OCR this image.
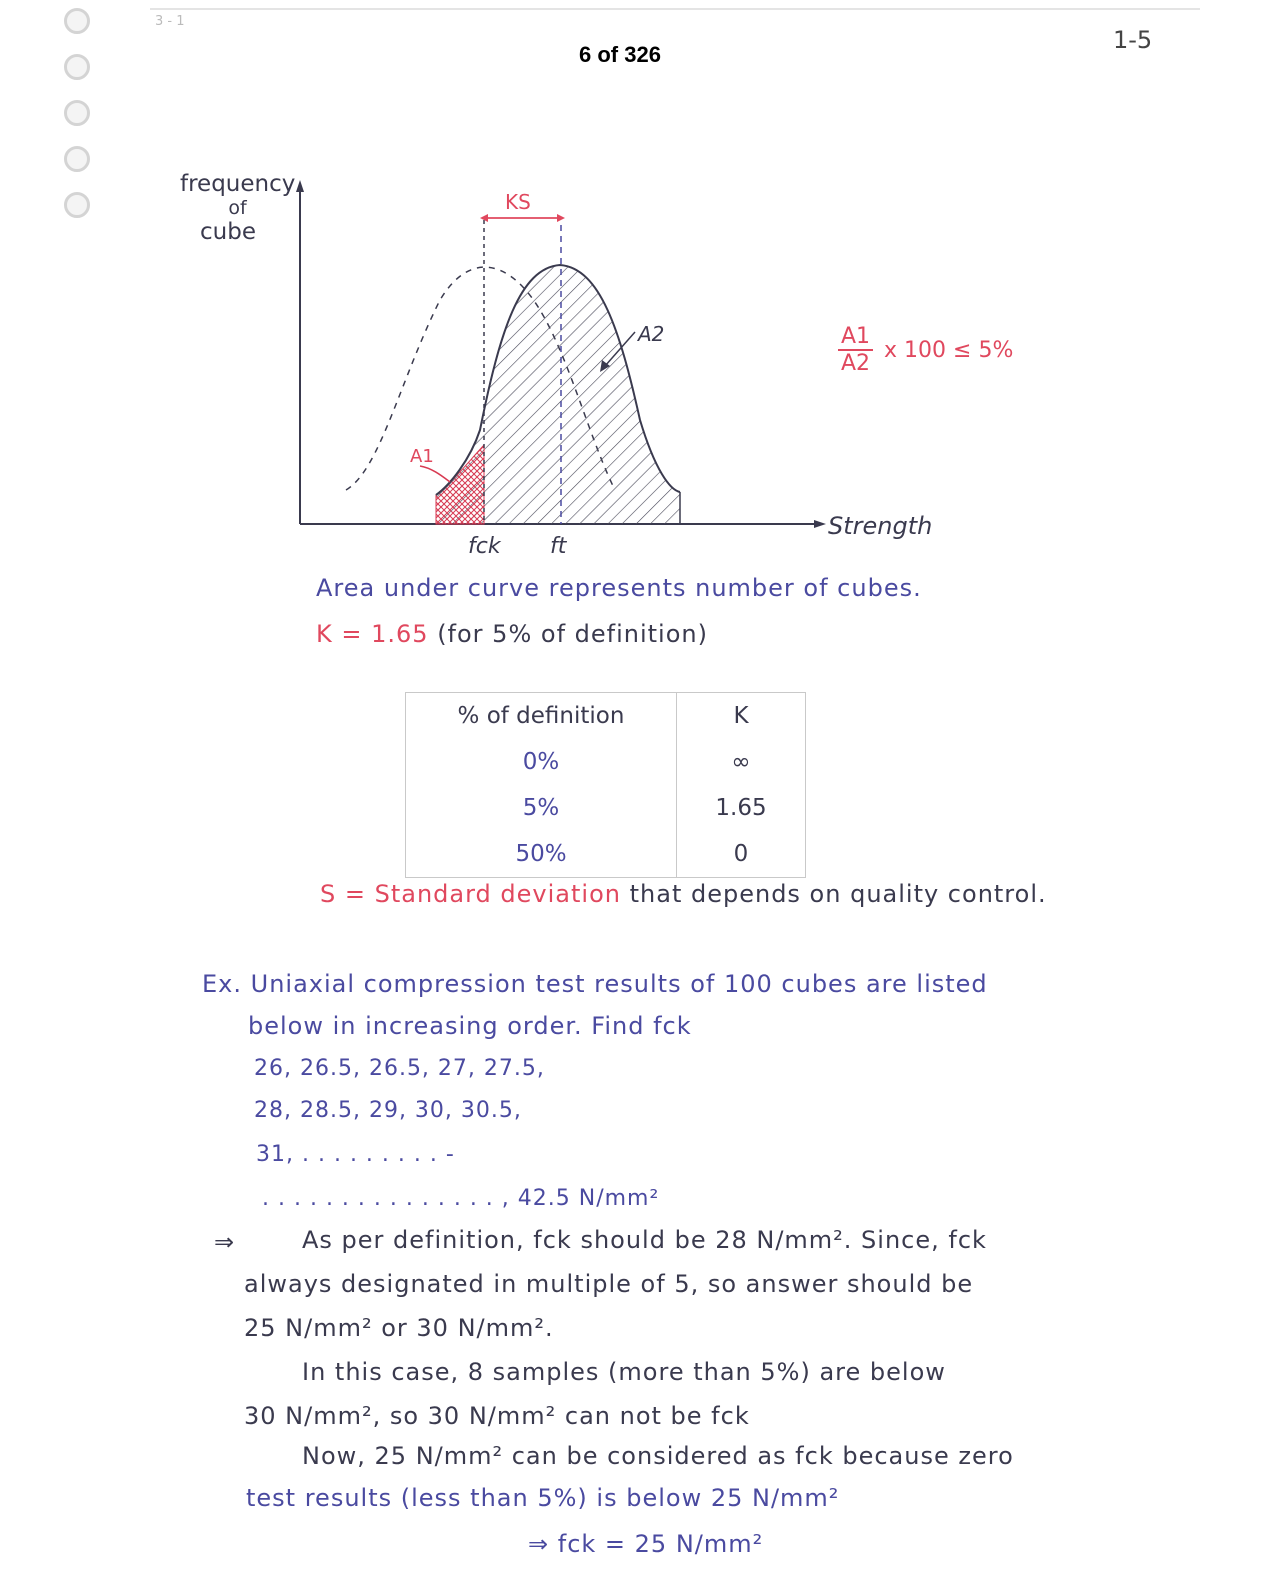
3 - 1
6 of 326
1-5
frequency
of
cube
KS
A2
A1
fck ft
Strength
$\frac{A1}{A2}$ x 100 ≤ 5%
Area under curve represents number of cubes.
K = 1.65 (for 5% of definition)
% of definition	K
0%	∞
5%	1.65
50%	0
S = Standard deviation that depends on quality control.
Ex. Uniaxial compression test results of 100 cubes are listed
below in increasing order. Find fck
26, 26.5, 26.5, 27, 27.5,
28, 28.5, 29, 30, 30.5,
31, . . . . . . . . . -
. . . . . . . . . . . . . . . , 42.5 N/mm²
⇒	As per definition, fck should be 28 N/mm². Since, fck
always designated in multiple of 5, so answer should be
25 N/mm² or 30 N/mm².
In this case, 8 samples (more than 5%) are below
30 N/mm², so 30 N/mm² can not be fck
Now, 25 N/mm² can be considered as fck because zero
test results (less than 5%) is below 25 N/mm²
⇒ fck = 25 N/mm²
